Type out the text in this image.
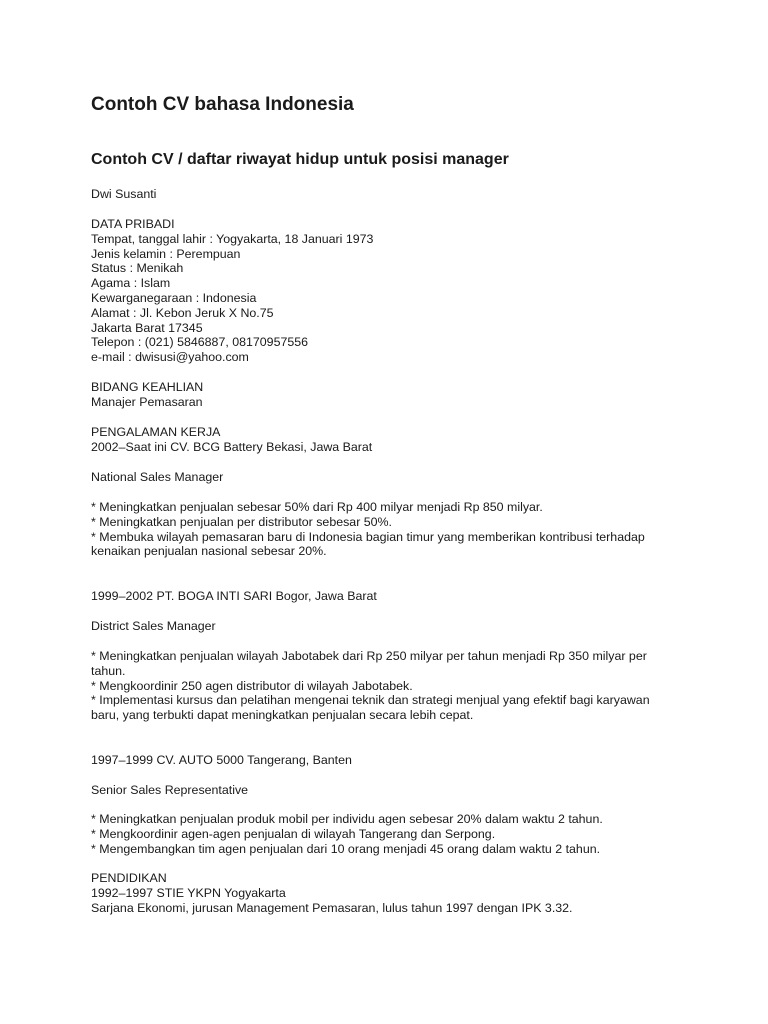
Contoh CV bahasa Indonesia
Contoh CV / daftar riwayat hidup untuk posisi manager
Dwi Susanti
DATA PRIBADI
Tempat, tanggal lahir : Yogyakarta, 18 Januari 1973
Jenis kelamin : Perempuan
Status : Menikah
Agama : Islam
Kewarganegaraan : Indonesia
Alamat : Jl. Kebon Jeruk X No.75
Jakarta Barat 17345
Telepon : (021) 5846887, 08170957556
e-mail : dwisusi@yahoo.com
BIDANG KEAHLIAN
Manajer Pemasaran
PENGALAMAN KERJA
2002–Saat ini CV. BCG Battery Bekasi, Jawa Barat
National Sales Manager
* Meningkatkan penjualan sebesar 50% dari Rp 400 milyar menjadi Rp 850 milyar.
* Meningkatkan penjualan per distributor sebesar 50%.
* Membuka wilayah pemasaran baru di Indonesia bagian timur yang memberikan kontribusi terhadap kenaikan penjualan nasional sebesar 20%.
1999–2002 PT. BOGA INTI SARI Bogor, Jawa Barat
District Sales Manager
* Meningkatkan penjualan wilayah Jabotabek dari Rp 250 milyar per tahun menjadi Rp 350 milyar per tahun.
* Mengkoordinir 250 agen distributor di wilayah Jabotabek.
* Implementasi kursus dan pelatihan mengenai teknik dan strategi menjual yang efektif bagi karyawan baru, yang terbukti dapat meningkatkan penjualan secara lebih cepat.
1997–1999 CV. AUTO 5000 Tangerang, Banten
Senior Sales Representative
* Meningkatkan penjualan produk mobil per individu agen sebesar 20% dalam waktu 2 tahun.
* Mengkoordinir agen-agen penjualan di wilayah Tangerang dan Serpong.
* Mengembangkan tim agen penjualan dari 10 orang menjadi 45 orang dalam waktu 2 tahun.
PENDIDIKAN
1992–1997 STIE YKPN Yogyakarta
Sarjana Ekonomi, jurusan Management Pemasaran, lulus tahun 1997 dengan IPK 3.32.
